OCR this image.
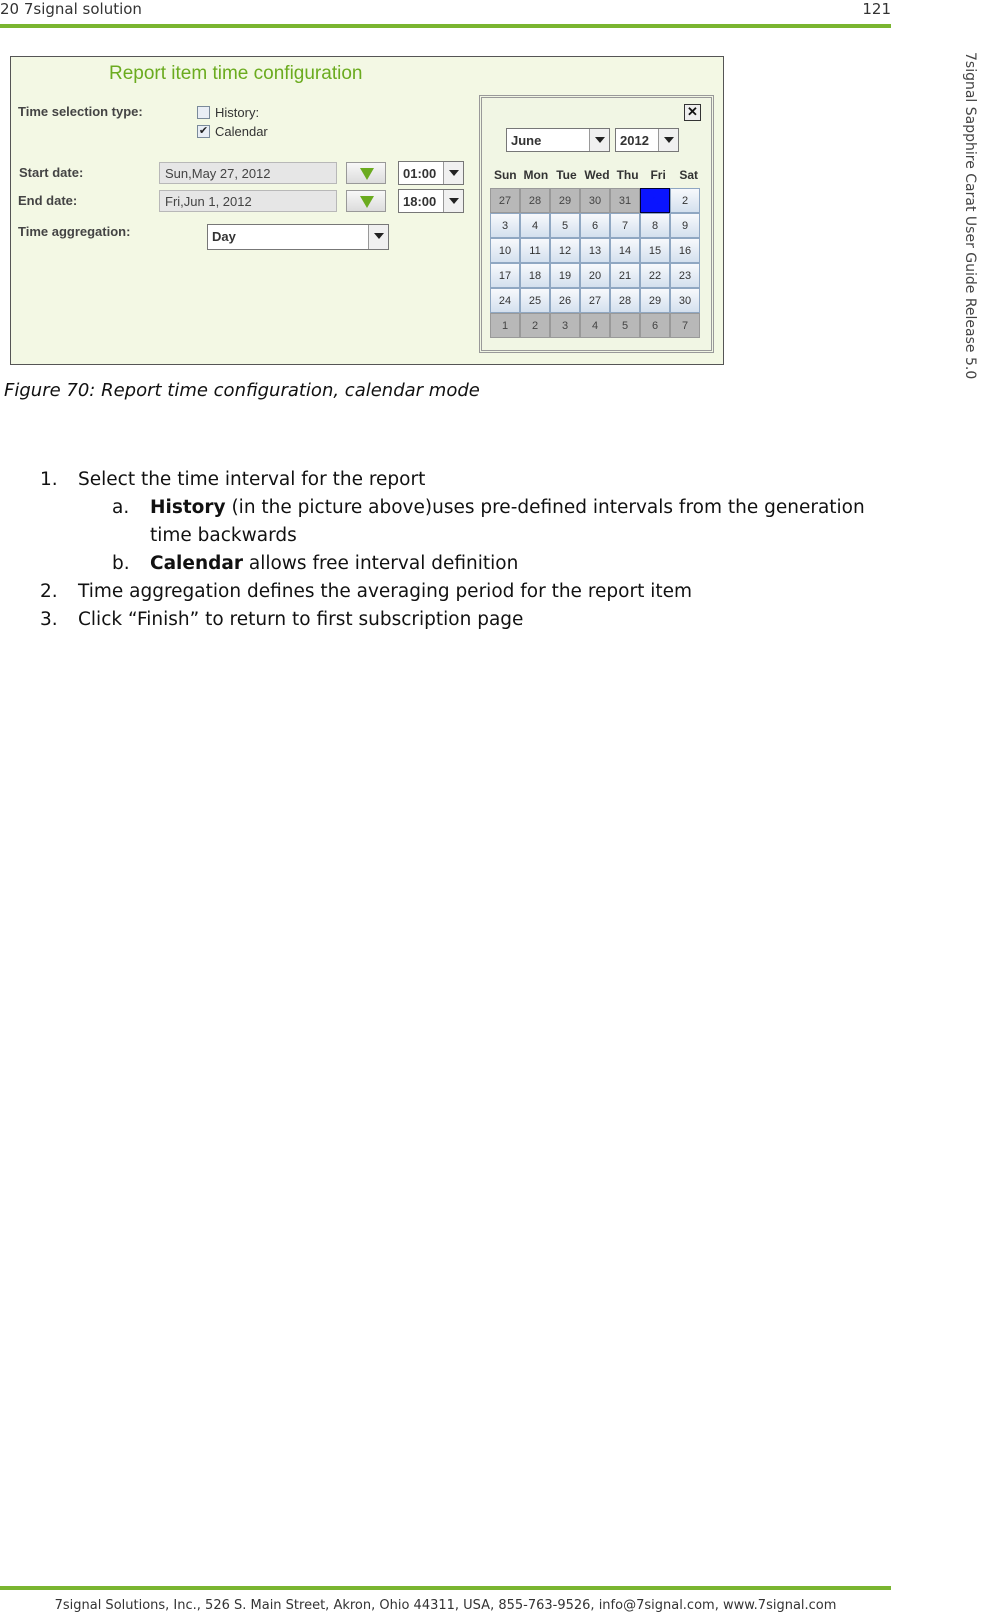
20 7signal solution	121
7signal Sapphire Carat User Guide Release 5.0
Report item time configuration
Time selection type:	History:
✔ Calendar
Start date:	Sun,May 27, 2012	01:00
End date:	Fri,Jun 1, 2012	18:00
Time aggregation:	Day
✕
June	2012
Sun Mon Tue Wed Thu Fri	Sat
27	28	29	30	31	1	2
3	4	5	6	7	8	9
10	11	12	13	14	15	16
17	18	19	20	21	22	23
24	25	26	27	28	29	30
1	2	3	4	5	6	7
Figure 70: Report time configuration, calendar mode
1. Select the time interval for the report
a. History (in the picture above)uses pre-defined intervals from the generation time backwards
b. Calendar allows free interval definition
2. Time aggregation defines the averaging period for the report item
3. Click “Finish” to return to first subscription page
7signal Solutions, Inc., 526 S. Main Street, Akron, Ohio 44311, USA, 855-763-9526, info@7signal.com, www.7signal.com
